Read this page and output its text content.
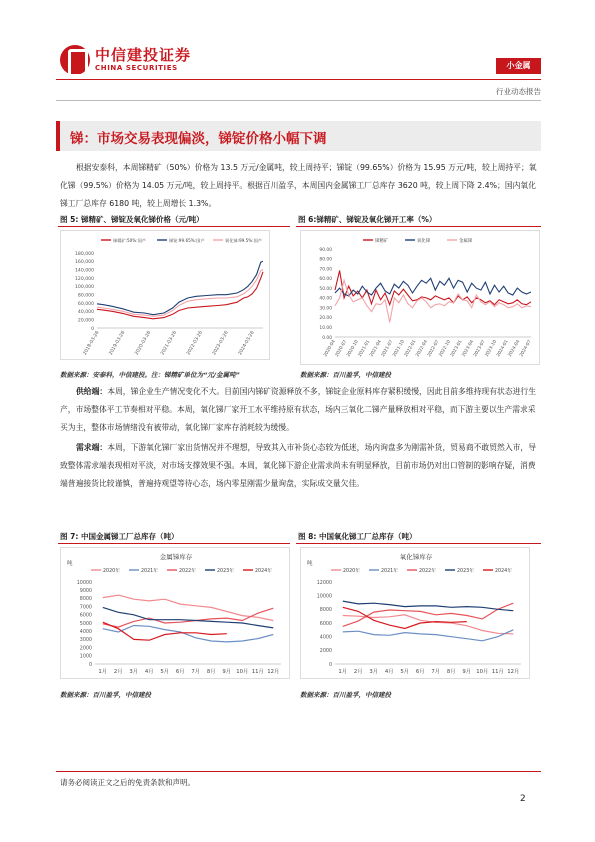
中信建投证券
CHINA SECURITIES	小金属
行业动态报告
锑：市场交易表现偏淡，锑锭价格小幅下调
根据安泰科，本周锑精矿（50%）价格为 13.5 万元/金属吨，较上周持平；锑锭（99.65%）价格为 15.95 万元/吨，较上周持平；氧化锑（99.5%）价格为 14.05 万元/吨，较上周持平。根据百川盈孚，本周国内金属锑工厂总库存 3620 吨，较上周下降 2.4%；国内氧化锑工厂总库存 6180 吨，较上周增长 1.3%。
图 5: 锑精矿、锑锭及氧化锑价格（元/吨）
锑精矿:50%:国产	锑锭:99.65%:国产	氧化锑:99.5%:国产
180,000
160,000
140,000
120,000
100,000
80,000
60,000
40,000
20,000
0
2018-03-26 2019-03-26 2020-03-26 2021-03-26 2022-03-26 2023-03-26 2024-03-26
数据来源：安泰科，中信建投。注：锑精矿单位为“元/金属吨”
图 6:锑精矿、锑锭及氧化锑开工率（%）
锑精矿	氧化锑	金属锑
90.00
80.00
70.00
60.00
50.00
40.00
30.00
20.00
10.00
0.00
2020-04
2020-07
2020-10
2021-01
2021-04
2021-07
2021-10
2022-01
2022-04
2022-07
2022-10
2023-01
2023-04
2023-07
2023-10
2024-01
2024-04
2024-07
数据来源：百川盈孚，中信建投
供给端：本周，锑企业生产情况变化不大。目前国内锑矿资源释放不多，锑锭企业原料库存紧积缓慢，因此目前多维持现有状态进行生产，市场整体平工节奏相对平稳。本周，氧化锑厂家开工水平维持原有状态，场内三氧化二锑产量释放相对平稳，而下游主要以生产需求采买为主，整体市场情绪没有被带动，氧化锑厂家库存消耗较为缓慢。
需求端：本周，下游氧化锑厂家出货情况并不理想，导致其入市补货心态较为低迷，场内询盘多为刚需补货，贸易商不敢贸然入市，导致整体需求端表现相对平淡，对市场支撑效果不强。本周，氧化锑下游企业需求尚未有明显释放，目前市场仍对出口管制的影响存疑，消费端普遍接货比较谨慎，普遍持观望等待心态，场内零星刚需少量询盘，实际成交量欠佳。
图 7: 中国金属锑工厂总库存（吨）
金属锑库存
吨
2020年	2021年	2022年	2023年	2024年
10000
9000
8000
7000
6000
5000
4000
3000
2000
1000
0
1月 2月 3月 4月 5月 6月 7月 8月 9月 10月 11月 12月
数据来源：百川盈孚，中信建投
图 8: 中国氧化锑工厂总库存（吨）
氧化锑库存
吨
2020年	2021年	2022年	2023年	2024年
12000
10000
8000
6000
4000
2000
0
1月 2月 3月 4月 5月 6月 7月 8月 9月 10月 11月 12月
数据来源：百川盈孚，中信建投
请务必阅读正文之后的免责条款和声明。
2
